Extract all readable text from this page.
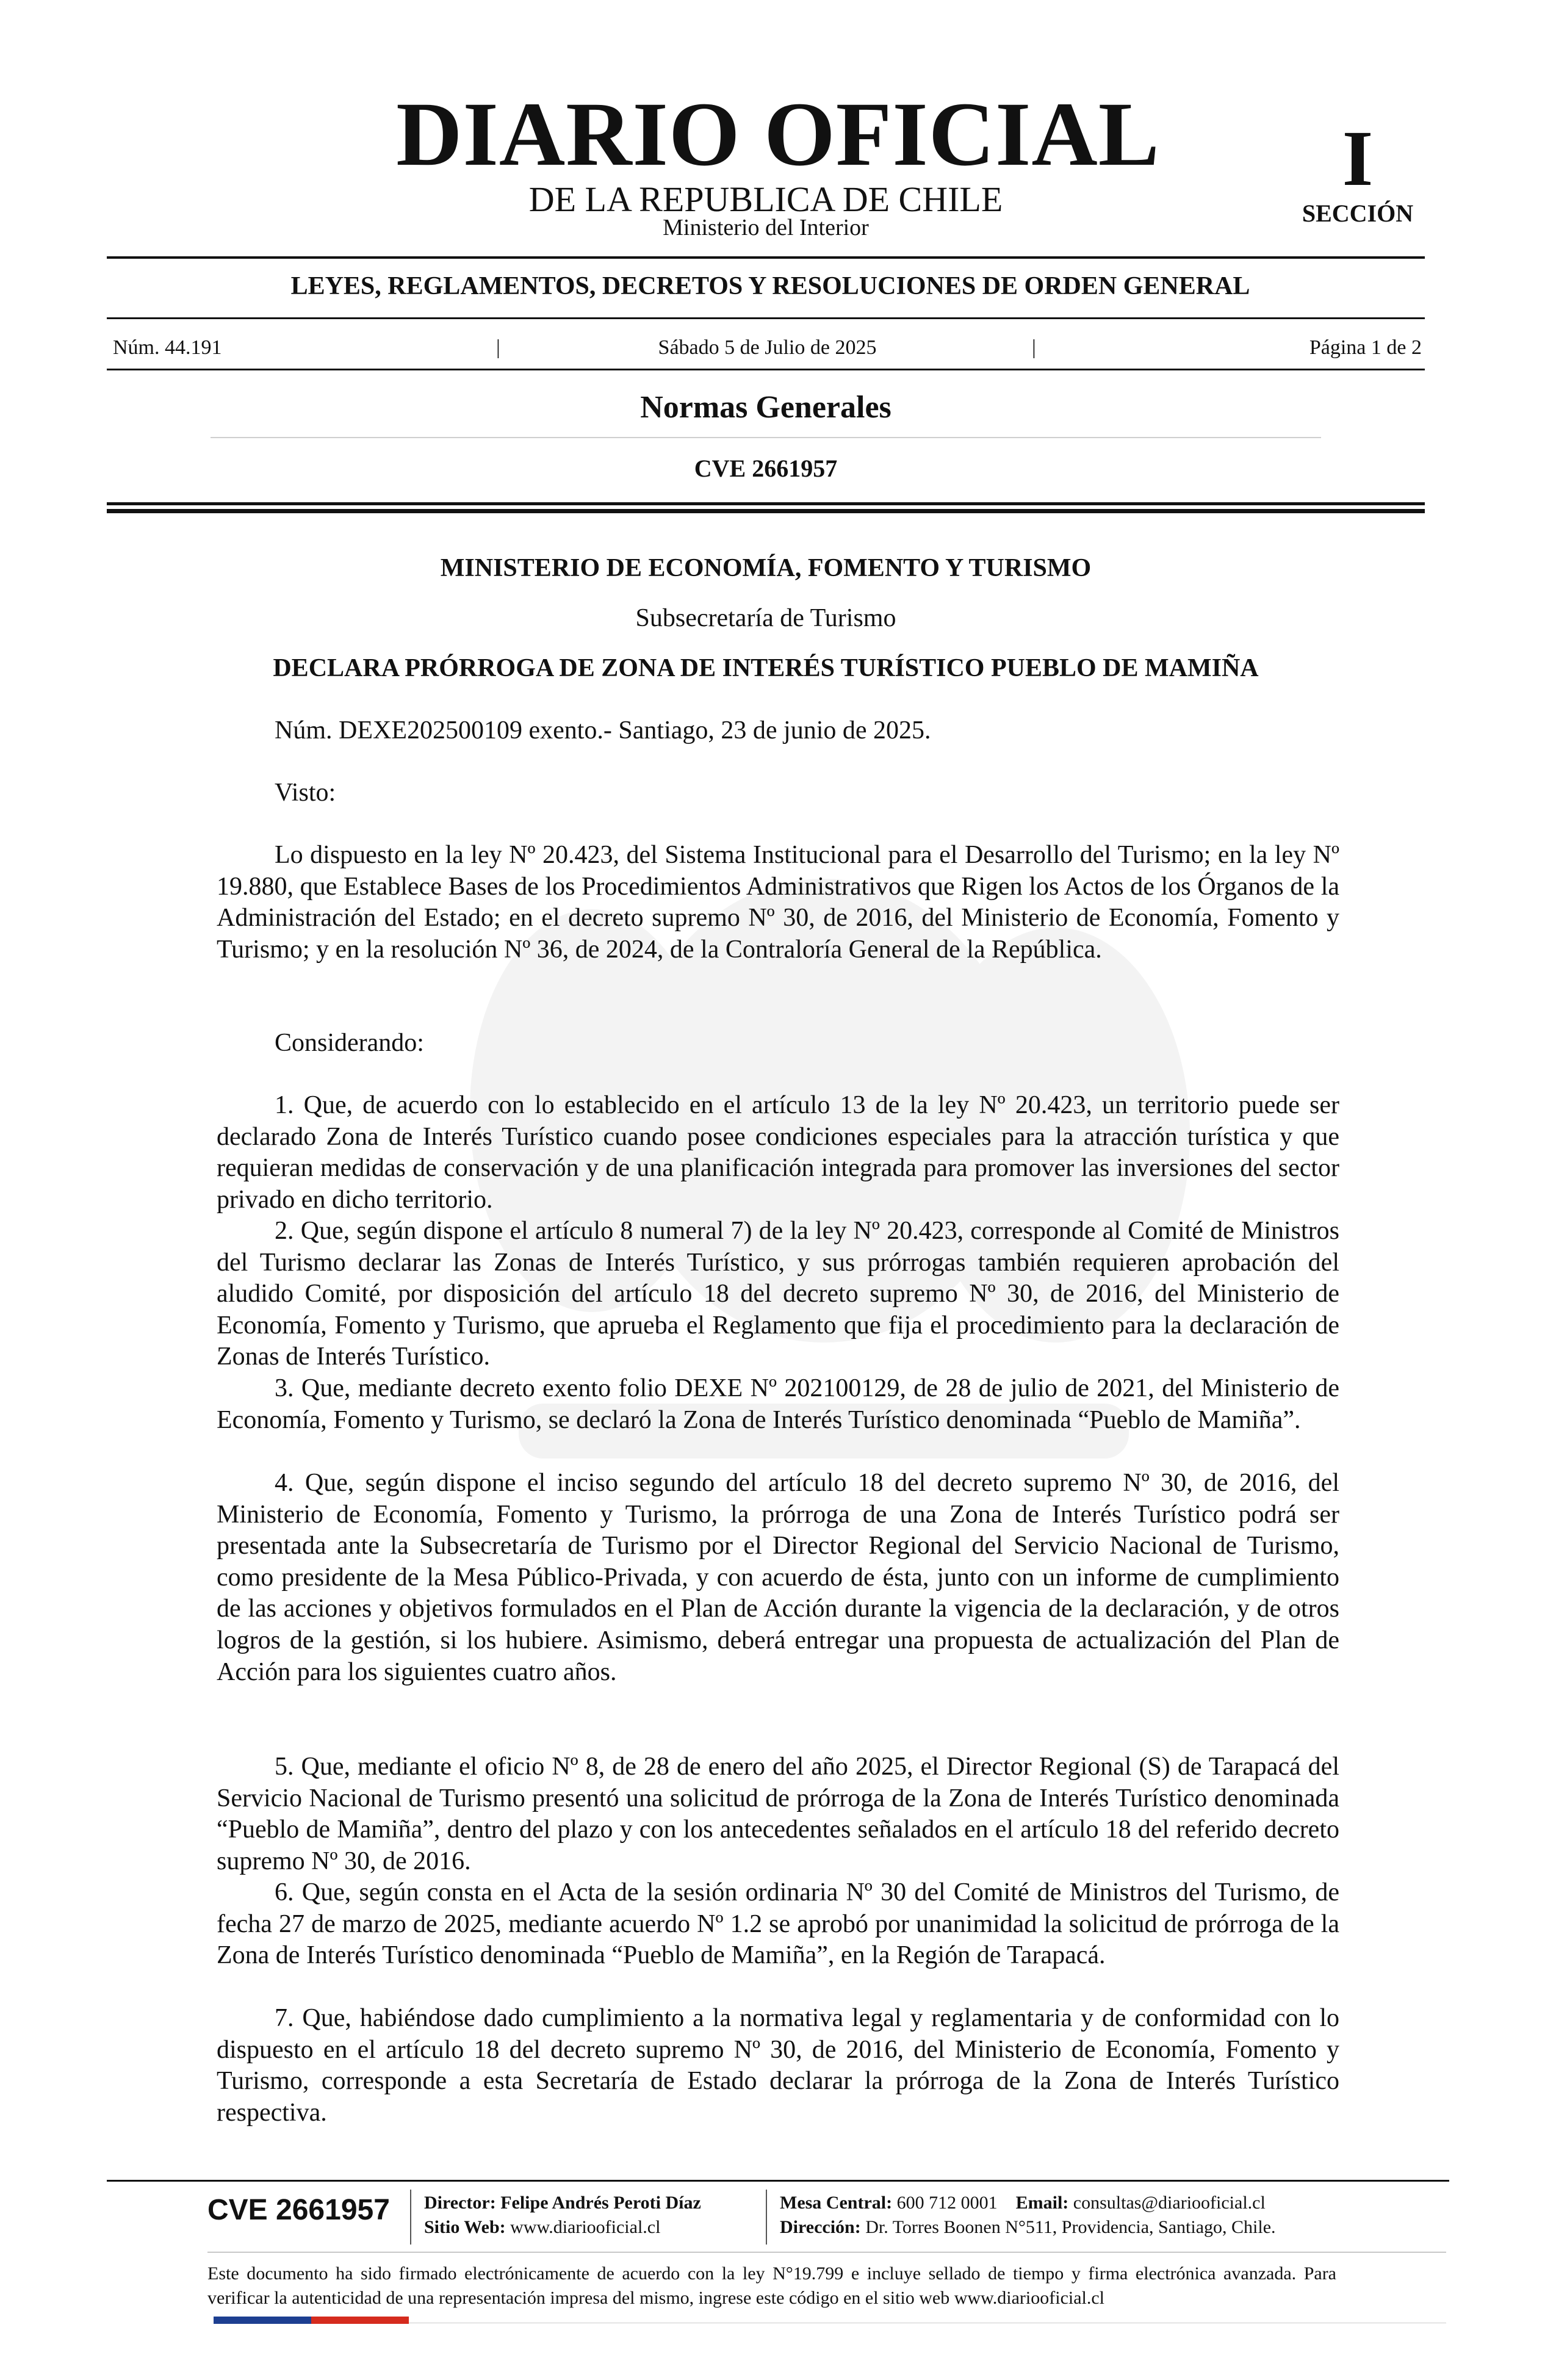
DIARIO OFICIAL
DE LA REPUBLICA DE CHILE
Ministerio del Interior
I
SECCIÓN
LEYES, REGLAMENTOS, DECRETOS Y RESOLUCIONES DE ORDEN GENERAL
Núm. 44.191	|	Sábado 5 de Julio de 2025	|	Página 1 de 2
Normas Generales
CVE 2661957
MINISTERIO DE ECONOMÍA, FOMENTO Y TURISMO
Subsecretaría de Turismo
DECLARA PRÓRROGA DE ZONA DE INTERÉS TURÍSTICO PUEBLO DE MAMIÑA

Núm. DEXE202500109 exento.- Santiago, 23 de junio de 2025.

Visto:

Lo dispuesto en la ley Nº 20.423, del Sistema Institucional para el Desarrollo del Turismo; en la ley Nº 19.880, que Establece Bases de los Procedimientos Administrativos que Rigen los Actos de los Órganos de la Administración del Estado; en el decreto supremo Nº 30, de 2016, del Ministerio de Economía, Fomento y Turismo; y en la resolución Nº 36, de 2024, de la Contraloría General de la República.

Considerando:

1. Que, de acuerdo con lo establecido en el artículo 13 de la ley Nº 20.423, un territorio puede ser declarado Zona de Interés Turístico cuando posee condiciones especiales para la atracción turística y que requieran medidas de conservación y de una planificación integrada para promover las inversiones del sector privado en dicho territorio.

2. Que, según dispone el artículo 8 numeral 7) de la ley Nº 20.423, corresponde al Comité de Ministros del Turismo declarar las Zonas de Interés Turístico, y sus prórrogas también requieren aprobación del aludido Comité, por disposición del artículo 18 del decreto supremo Nº 30, de 2016, del Ministerio de Economía, Fomento y Turismo, que aprueba el Reglamento que fija el procedimiento para la declaración de Zonas de Interés Turístico.

3. Que, mediante decreto exento folio DEXE Nº 202100129, de 28 de julio de 2021, del Ministerio de Economía, Fomento y Turismo, se declaró la Zona de Interés Turístico denominada “Pueblo de Mamiña”.

4. Que, según dispone el inciso segundo del artículo 18 del decreto supremo Nº 30, de 2016, del Ministerio de Economía, Fomento y Turismo, la prórroga de una Zona de Interés Turístico podrá ser presentada ante la Subsecretaría de Turismo por el Director Regional del Servicio Nacional de Turismo, como presidente de la Mesa Público-Privada, y con acuerdo de ésta, junto con un informe de cumplimiento de las acciones y objetivos formulados en el Plan de Acción durante la vigencia de la declaración, y de otros logros de la gestión, si los hubiere. Asimismo, deberá entregar una propuesta de actualización del Plan de Acción para los siguientes cuatro años.

5. Que, mediante el oficio Nº 8, de 28 de enero del año 2025, el Director Regional (S) de Tarapacá del Servicio Nacional de Turismo presentó una solicitud de prórroga de la Zona de Interés Turístico denominada “Pueblo de Mamiña”, dentro del plazo y con los antecedentes señalados en el artículo 18 del referido decreto supremo Nº 30, de 2016.

6. Que, según consta en el Acta de la sesión ordinaria Nº 30 del Comité de Ministros del Turismo, de fecha 27 de marzo de 2025, mediante acuerdo Nº 1.2 se aprobó por unanimidad la solicitud de prórroga de la Zona de Interés Turístico denominada “Pueblo de Mamiña”, en la Región de Tarapacá.

7. Que, habiéndose dado cumplimiento a la normativa legal y reglamentaria y de conformidad con lo dispuesto en el artículo 18 del decreto supremo Nº 30, de 2016, del Ministerio de Economía, Fomento y Turismo, corresponde a esta Secretaría de Estado declarar la prórroga de la Zona de Interés Turístico respectiva.

CVE 2661957 Director: Felipe Andrés Peroti Díaz
Sitio Web: www.diariooficial.cl
Mesa Central: 600 712 0001 Email: consultas@diariooficial.cl
Dirección: Dr. Torres Boonen N°511, Providencia, Santiago, Chile.
Este documento ha sido firmado electrónicamente de acuerdo con la ley N°19.799 e incluye sellado de tiempo y firma electrónica avanzada. Para verificar la autenticidad de una representación impresa del mismo, ingrese este código en el sitio web www.diariooficial.cl
